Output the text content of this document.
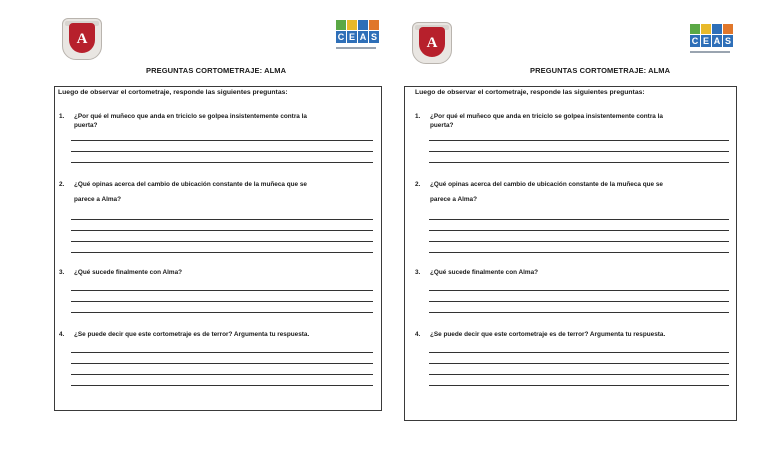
A	C E A S
PREGUNTAS CORTOMETRAJE: ALMA
Luego de observar el cortometraje, responde las siguientes preguntas:
1. ¿Por qué el muñeco que anda en triciclo se golpea insistentemente contra la
puerta?
2. ¿Qué opinas acerca del cambio de ubicación constante de la muñeca que se
parece a Alma?
3. ¿Qué sucede finalmente con Alma?
4. ¿Se puede decir que este cortometraje es de terror? Argumenta tu respuesta.
A	C E A S
PREGUNTAS CORTOMETRAJE: ALMA
Luego de observar el cortometraje, responde las siguientes preguntas:
1. ¿Por qué el muñeco que anda en triciclo se golpea insistentemente contra la
puerta?
2. ¿Qué opinas acerca del cambio de ubicación constante de la muñeca que se
parece a Alma?
3. ¿Qué sucede finalmente con Alma?
4. ¿Se puede decir que este cortometraje es de terror? Argumenta tu respuesta.
